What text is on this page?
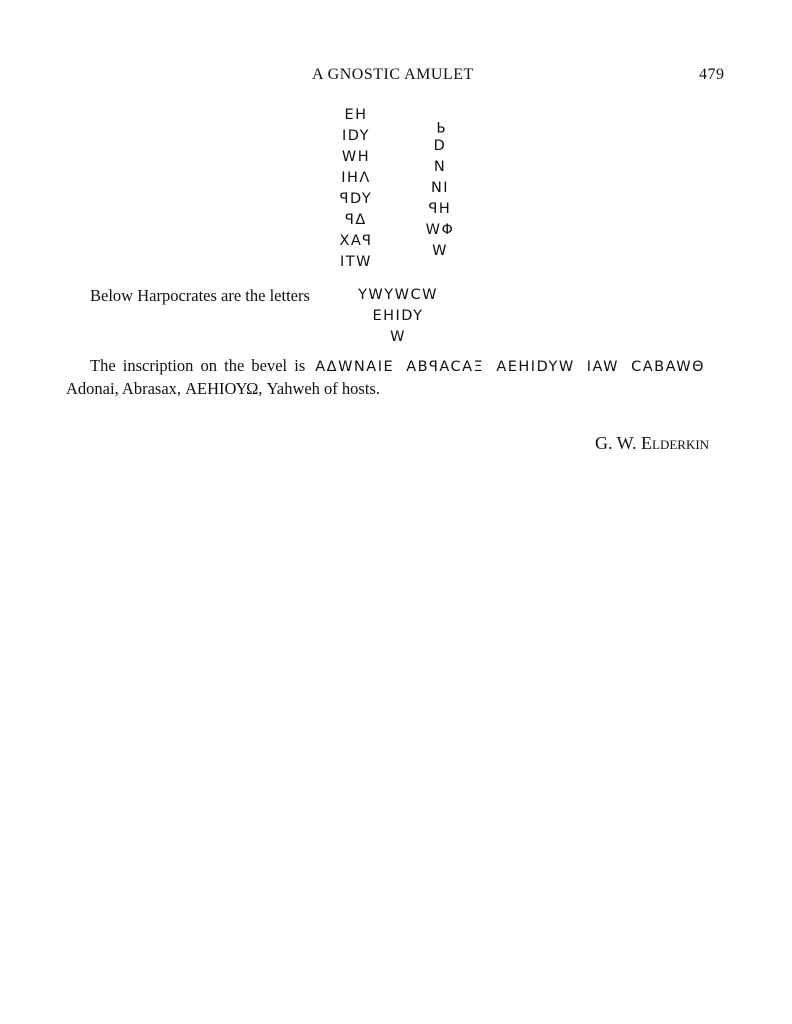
A GNOSTIC AMULET	479
EH
IDY
WH
IHΛ
ꟼDY
ꟼΔ
XAꟼ
ITW
ꟼ
D
N
NI
ꟼH
WΦ
W
Below Harpocrates are the letters	YWYWCW
EHIDY
W
The inscription on the bevel is AΔWNAIE ABꟼACAΞ AEHIDYW IAW CABAWΘ
Adonai, Abrasax, ΑΕΗΙΟΥΩ, Yahweh of hosts.
G. W. Elderkin
